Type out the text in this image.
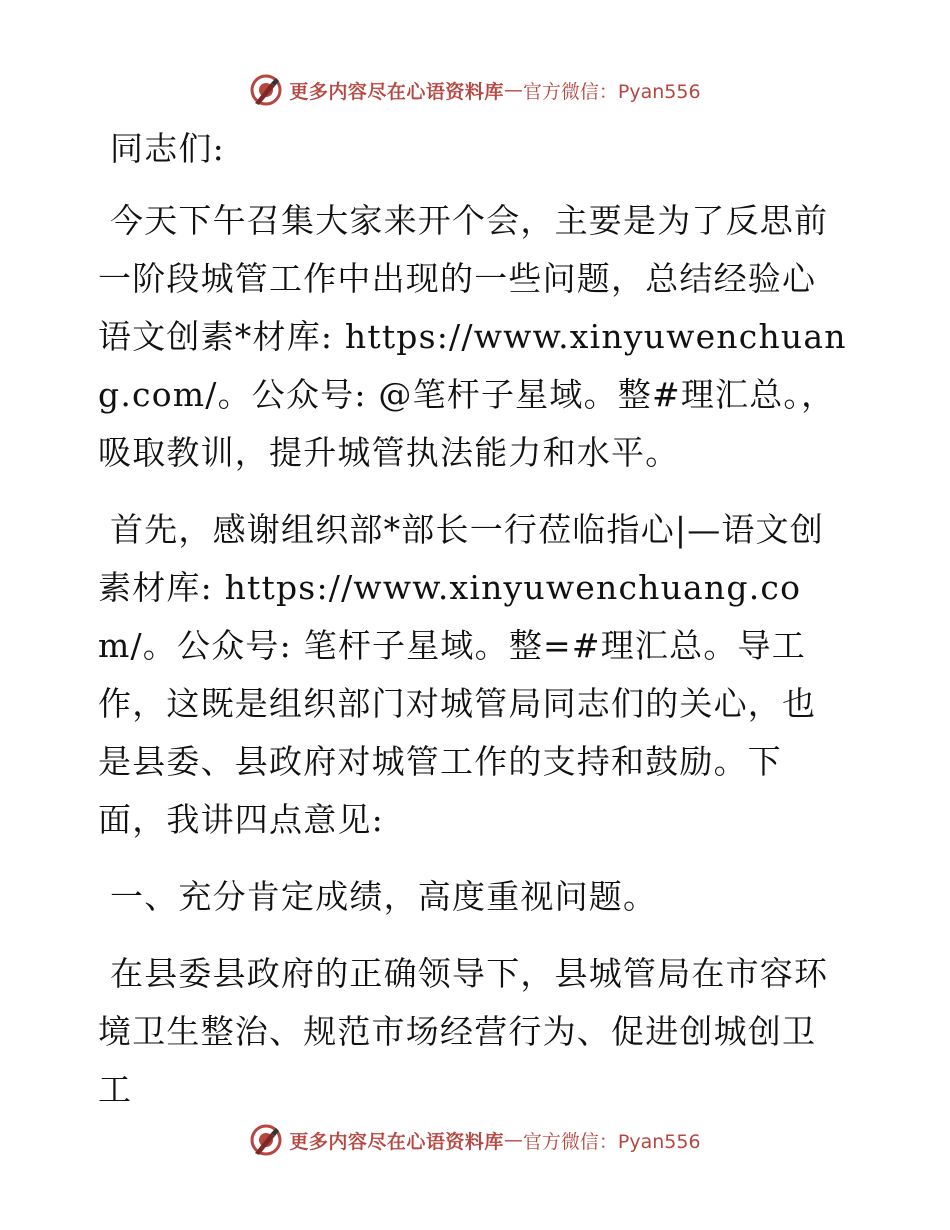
更多内容尽在心语资料库 — 官方微信：Pyan556

同志们:

今天下午召集大家来开个会，主要是为了反思前一阶段城管工作中出现的一些问题，总结经验心语文创素*材库: https://www.xinyuwenchuang.com/。公众号: @笔杆子星域。整#理汇总。，吸取教训，提升城管执法能力和水平。

首先，感谢组织部*部长一行莅临指心|—语文创素材库: https://www.xinyuwenchuang.com/。公众号: 笔杆子星域。整=#理汇总。导工作，这既是组织部门对城管局同志们的关心，也是县委、县政府对城管工作的支持和鼓励。下面，我讲四点意见:

一、充分肯定成绩，高度重视问题。

在县委县政府的正确领导下，县城管局在市容环境卫生整治、规范市场经营行为、促进创城创卫工

更多内容尽在心语资料库 — 官方微信：Pyan556
